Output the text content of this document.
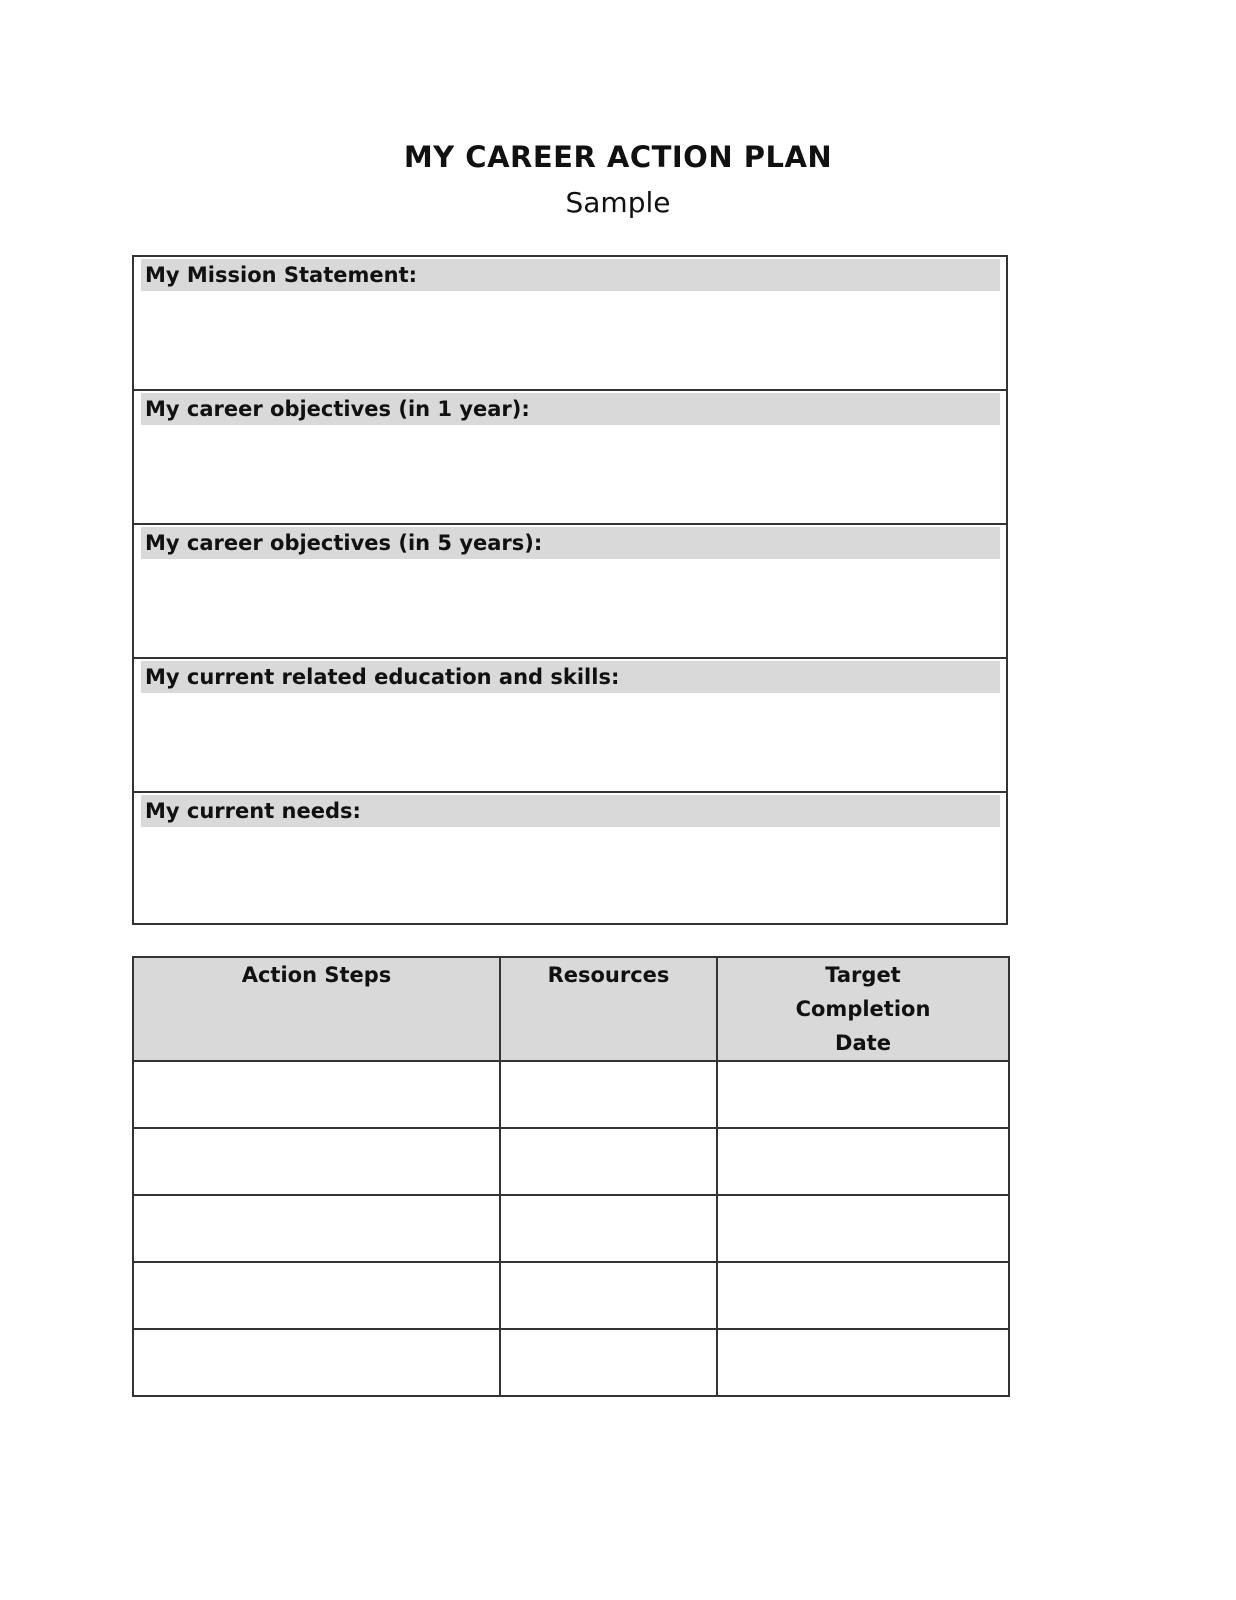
MY CAREER ACTION PLAN
Sample
My Mission Statement:
My career objectives (in 1 year):
My career objectives (in 5 years):
My current related education and skills:
My current needs:
Action Steps	Resources	Target Completion Date
